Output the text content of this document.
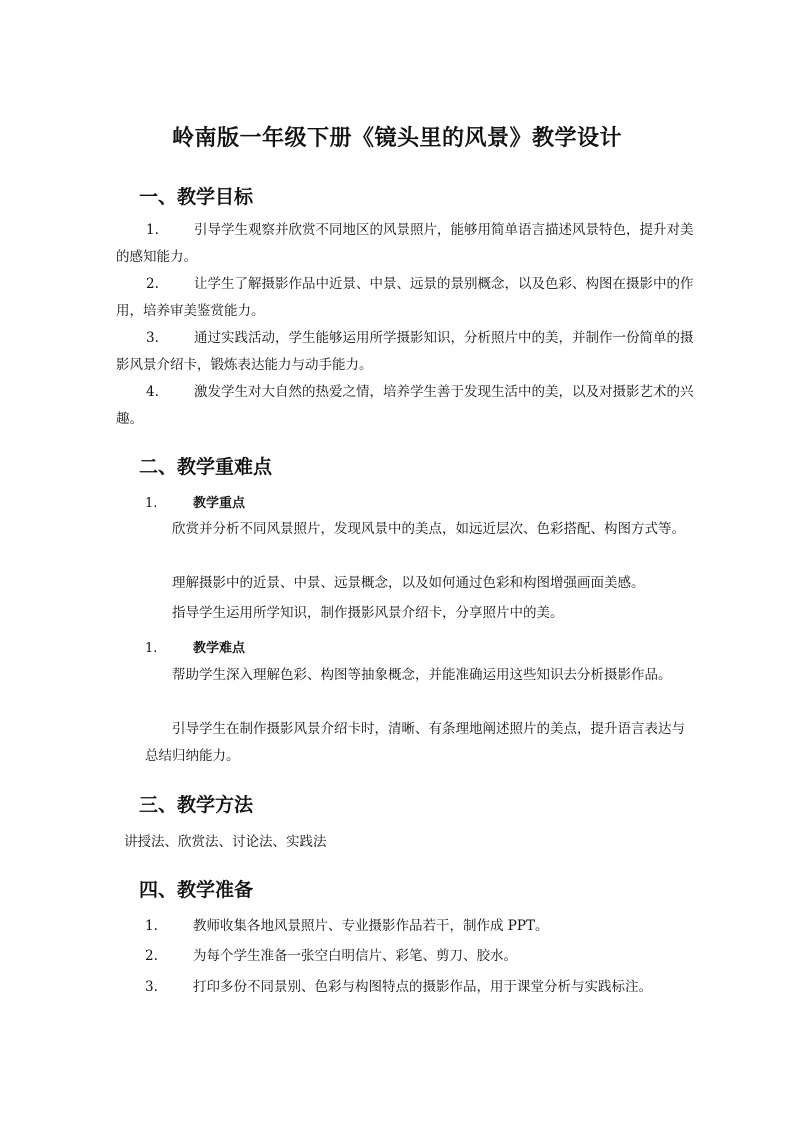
岭南版一年级下册《镜头里的风景》教学设计
一、教学目标

1.	引导学生观察并欣赏不同地区的风景照片，能够用简单语言描述风景特色，提升对美的感知能力。

2.	让学生了解摄影作品中近景、中景、远景的景别概念，以及色彩、构图在摄影中的作用，培养审美鉴赏能力。

3.	通过实践活动，学生能够运用所学摄影知识，分析照片中的美，并制作一份简单的摄影风景介绍卡，锻炼表达能力与动手能力。

4.	激发学生对大自然的热爱之情，培养学生善于发现生活中的美，以及对摄影艺术的兴趣。

二、教学重难点

1.	教学重点

欣赏并分析不同风景照片，发现风景中的美点，如远近层次、色彩搭配、构图方式等。

理解摄影中的近景、中景、远景概念，以及如何通过色彩和构图增强画面美感。

指导学生运用所学知识，制作摄影风景介绍卡，分享照片中的美。

1.	教学难点

帮助学生深入理解色彩、构图等抽象概念，并能准确运用这些知识去分析摄影作品。

引导学生在制作摄影风景介绍卡时，清晰、有条理地阐述照片的美点，提升语言表达与总结归纳能力。

三、教学方法

讲授法、欣赏法、讨论法、实践法

四、教学准备

1.	教师收集各地风景照片、专业摄影作品若干，制作成 PPT。

2.	为每个学生准备一张空白明信片、彩笔、剪刀、胶水。

3.	打印多份不同景别、色彩与构图特点的摄影作品，用于课堂分析与实践标注。
